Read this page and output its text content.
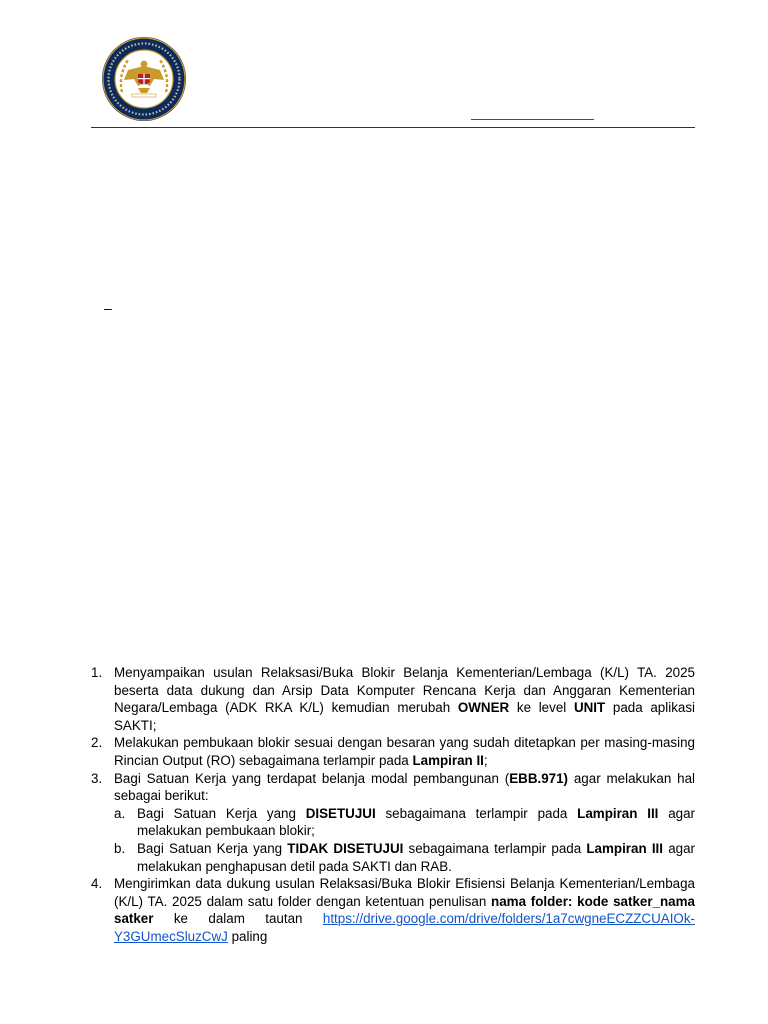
–
1. Menyampaikan usulan Relaksasi/Buka Blokir Belanja Kementerian/Lembaga (K/L) TA. 2025 beserta data dukung dan Arsip Data Komputer Rencana Kerja dan Anggaran Kementerian Negara/Lembaga (ADK RKA K/L) kemudian merubah OWNER ke level UNIT pada aplikasi SAKTI;
2. Melakukan pembukaan blokir sesuai dengan besaran yang sudah ditetapkan per masing-masing Rincian Output (RO) sebagaimana terlampir pada Lampiran II;
3. Bagi Satuan Kerja yang terdapat belanja modal pembangunan (EBB.971) agar melakukan hal sebagai berikut:
a. Bagi Satuan Kerja yang DISETUJUI sebagaimana terlampir pada Lampiran III agar melakukan pembukaan blokir;
b. Bagi Satuan Kerja yang TIDAK DISETUJUI sebagaimana terlampir pada Lampiran III agar melakukan penghapusan detil pada SAKTI dan RAB.
4. Mengirimkan data dukung usulan Relaksasi/Buka Blokir Efisiensi Belanja Kementerian/Lembaga (K/L) TA. 2025 dalam satu folder dengan ketentuan penulisan nama folder: kode satker_nama satker ke dalam tautan https://drive.google.com/drive/folders/1a7cwgneECZZCUAIOk-Y3GUmecSluzCwJ paling
